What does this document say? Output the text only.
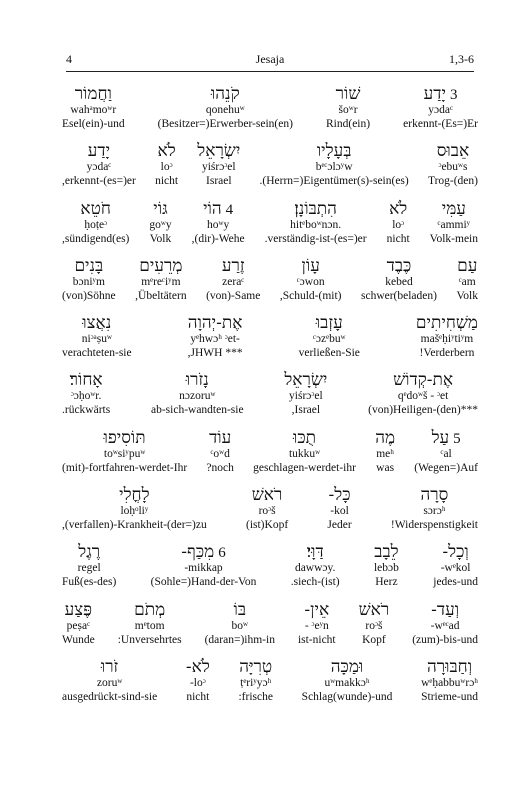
4	Jesaja	1,3-6
3
יָדַע
yɔdaᶜ
erkennt-(Es=)Er
שׁוֹר
šoʷr
Rind(ein)
קֹנֵהוּ
qonehuʷ
(Besitzer=)Erwerber-sein(en)
וַחֲמוֹר
wahᵃmoʷr
Esel(ein)-und
אֵבוּס
ᵓebuʷs
Trog-(den)
בְּעָלָיו
bᵉᶜɔlɔʸw
.(Herrn=)Eigentümer(s)-sein(es)
יִשְׂרָאֵל
yiśrɔᵓel
Israel
לֹא
loᵓ
nicht
יָדַע
yɔdaᶜ
,erkennt-(es=)er
עַמִּי
ᶜammiʸ
Volk-mein
לֹא
loᵓ
nicht
הִתְבּוֹנָן׃
hitᵉboʷnɔn.
.verständig-ist-(es=)er
4
הוֹי
hoʷy
,(dir)-Wehe
גּוֹי
goʷy
Volk
חֹטֵא
ḥoṭeᵓ
,sündigend(es)
עַם
ᶜam
Volk
כֶּבֶד
kebed
schwer(beladen)
עָוֹן
ᶜɔwon
,Schuld-(mit)
זֶרַע
zeraᶜ
(von)-Same
מְרֵעִים
mᵉreᶜiʸm
,Übeltätern
בָּנִים
bɔniʸm
(von)Söhne
מַשְׁחִיתִים
mašᵉḥiʸtiʸm
!Verderbern
עָזְבוּ
ᶜɔzᵉbuʷ
verließen-Sie
אֶת-יְהוָה
yᵉhwɔʰ ᵓet-
,JHWH ***
נִאֲצוּ
niᵓᵃṣuʷ
verachteten-sie
אֶת-קְדוֹשׁ
qᵉdoʷš - ᵓet
(von)Heiligen-(den)***
יִשְׂרָאֵל
yiśrɔᵓel
,Israel
נָזֹרוּ
nɔzoruʷ
ab-sich-wandten-sie
אָחוֹר׃
ᵓɔḥoʷr.
.rückwärts
5
עַל
ᶜal
(Wegen=)Auf
מֶה
meʰ
was
תֻכּוּ
tukkuʷ
geschlagen-werdet-ihr
עוֹד
ᶜoʷd
?noch
תּוֹסִיפוּ
toʷsiʸpuʷ
(mit)-fortfahren-werdet-Ihr
סָרָה
sɔrɔʰ
!Widerspenstigkeit
כָּל-
-kol
Jeder
רֹאשׁ
roᵓš
(ist)Kopf
לָחֳלִי
loḥᵒliʸ
,(verfallen)-Krankheit-(der=)zu
וְכָל-
-wᵉkol
jedes-und
לֵבָב
lebɔb
Herz
דַּוָּי׃
dawwɔy.
.siech-(ist)
6
מִכַּף-
-mikkap
(Sohle=)Hand-der-Von
רֶגֶל
regel
Fuß(es-des)
וְעַד-
-wᵉᶜad
(zum)-bis-und
רֹאשׁ
roᵓš
Kopf
אֵין-
- ᵓeʸn
ist-nicht
בּוֹ
boʷ
(daran=)ihm-in
מְתֹם
mᵉtom
:Unversehrtes
פֶּצַע
peṣaᶜ
Wunde
וְחַבּוּרָה
wᵉḥabbuʷrɔʰ
Strieme-und
וּמַכָּה
uʷmakkɔʰ
Schlag(wunde)-und
טְרִיָּה
ṭᵉriʸyɔʰ
:frische
לֹא-
-loᵓ
nicht
זֹרוּ
zoruʷ
ausgedrückt-sind-sie
